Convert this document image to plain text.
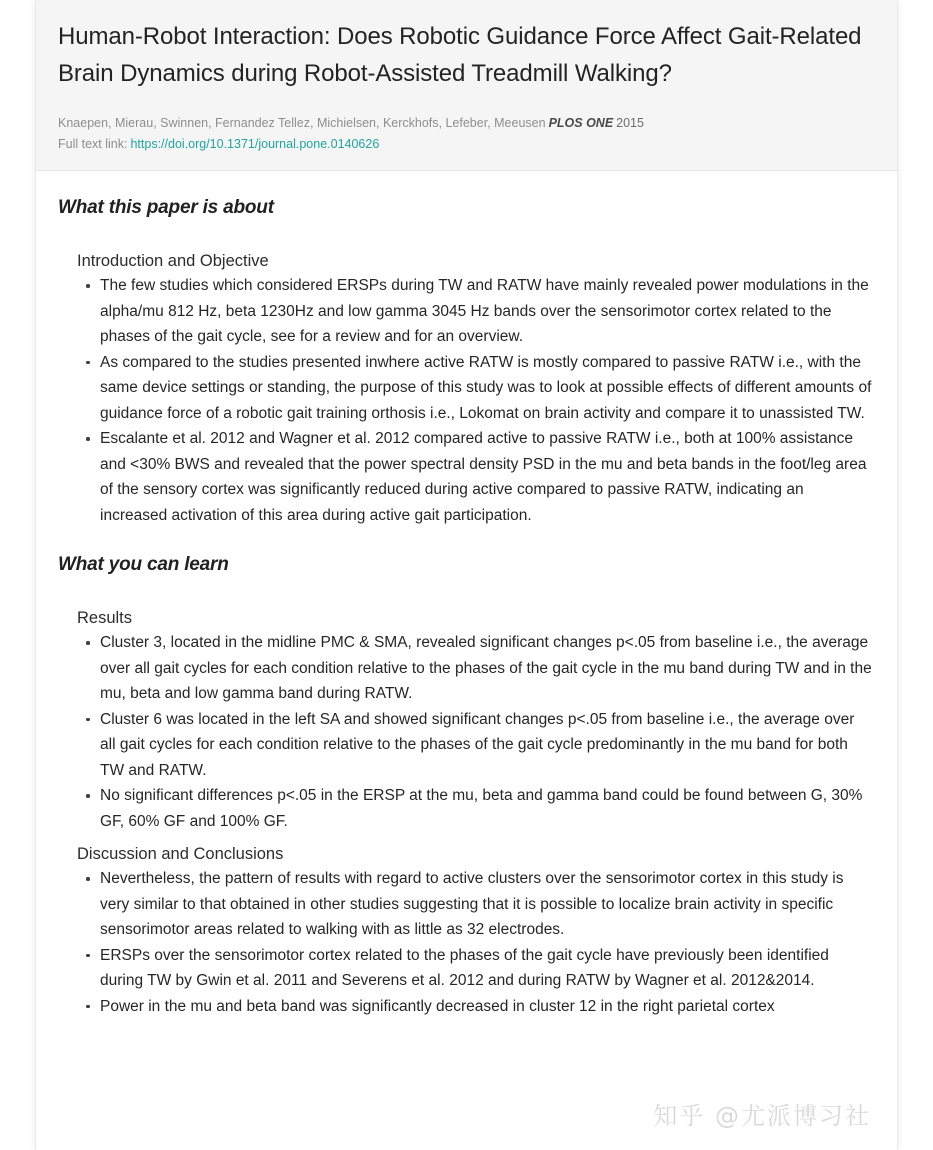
Human-Robot Interaction: Does Robotic Guidance Force Affect Gait-Related Brain Dynamics during Robot-Assisted Treadmill Walking?
Knaepen, Mierau, Swinnen, Fernandez Tellez, Michielsen, Kerckhofs, Lefeber, Meeusen PLOS ONE 2015
Full text link: https://doi.org/10.1371/journal.pone.0140626
What this paper is about
Introduction and Objective
The few studies which considered ERSPs during TW and RATW have mainly revealed power modulations in the alpha/mu 812 Hz, beta 1230Hz and low gamma 3045 Hz bands over the sensorimotor cortex related to the phases of the gait cycle, see for a review and for an overview.
As compared to the studies presented inwhere active RATW is mostly compared to passive RATW i.e., with the same device settings or standing, the purpose of this study was to look at possible effects of different amounts of guidance force of a robotic gait training orthosis i.e., Lokomat on brain activity and compare it to unassisted TW.
Escalante et al. 2012 and Wagner et al. 2012 compared active to passive RATW i.e., both at 100% assistance and <30% BWS and revealed that the power spectral density PSD in the mu and beta bands in the foot/leg area of the sensory cortex was significantly reduced during active compared to passive RATW, indicating an increased activation of this area during active gait participation.
What you can learn
Results
Cluster 3, located in the midline PMC & SMA, revealed significant changes p<.05 from baseline i.e., the average over all gait cycles for each condition relative to the phases of the gait cycle in the mu band during TW and in the mu, beta and low gamma band during RATW.
Cluster 6 was located in the left SA and showed significant changes p<.05 from baseline i.e., the average over all gait cycles for each condition relative to the phases of the gait cycle predominantly in the mu band for both TW and RATW.
No significant differences p<.05 in the ERSP at the mu, beta and gamma band could be found between G, 30% GF, 60% GF and 100% GF.
Discussion and Conclusions
Nevertheless, the pattern of results with regard to active clusters over the sensorimotor cortex in this study is very similar to that obtained in other studies suggesting that it is possible to localize brain activity in specific sensorimotor areas related to walking with as little as 32 electrodes.
ERSPs over the sensorimotor cortex related to the phases of the gait cycle have previously been identified during TW by Gwin et al. 2011 and Severens et al. 2012 and during RATW by Wagner et al. 2012&2014.
Power in the mu and beta band was significantly decreased in cluster 12 in the right parietal cortex
知乎 @尤派博习社
